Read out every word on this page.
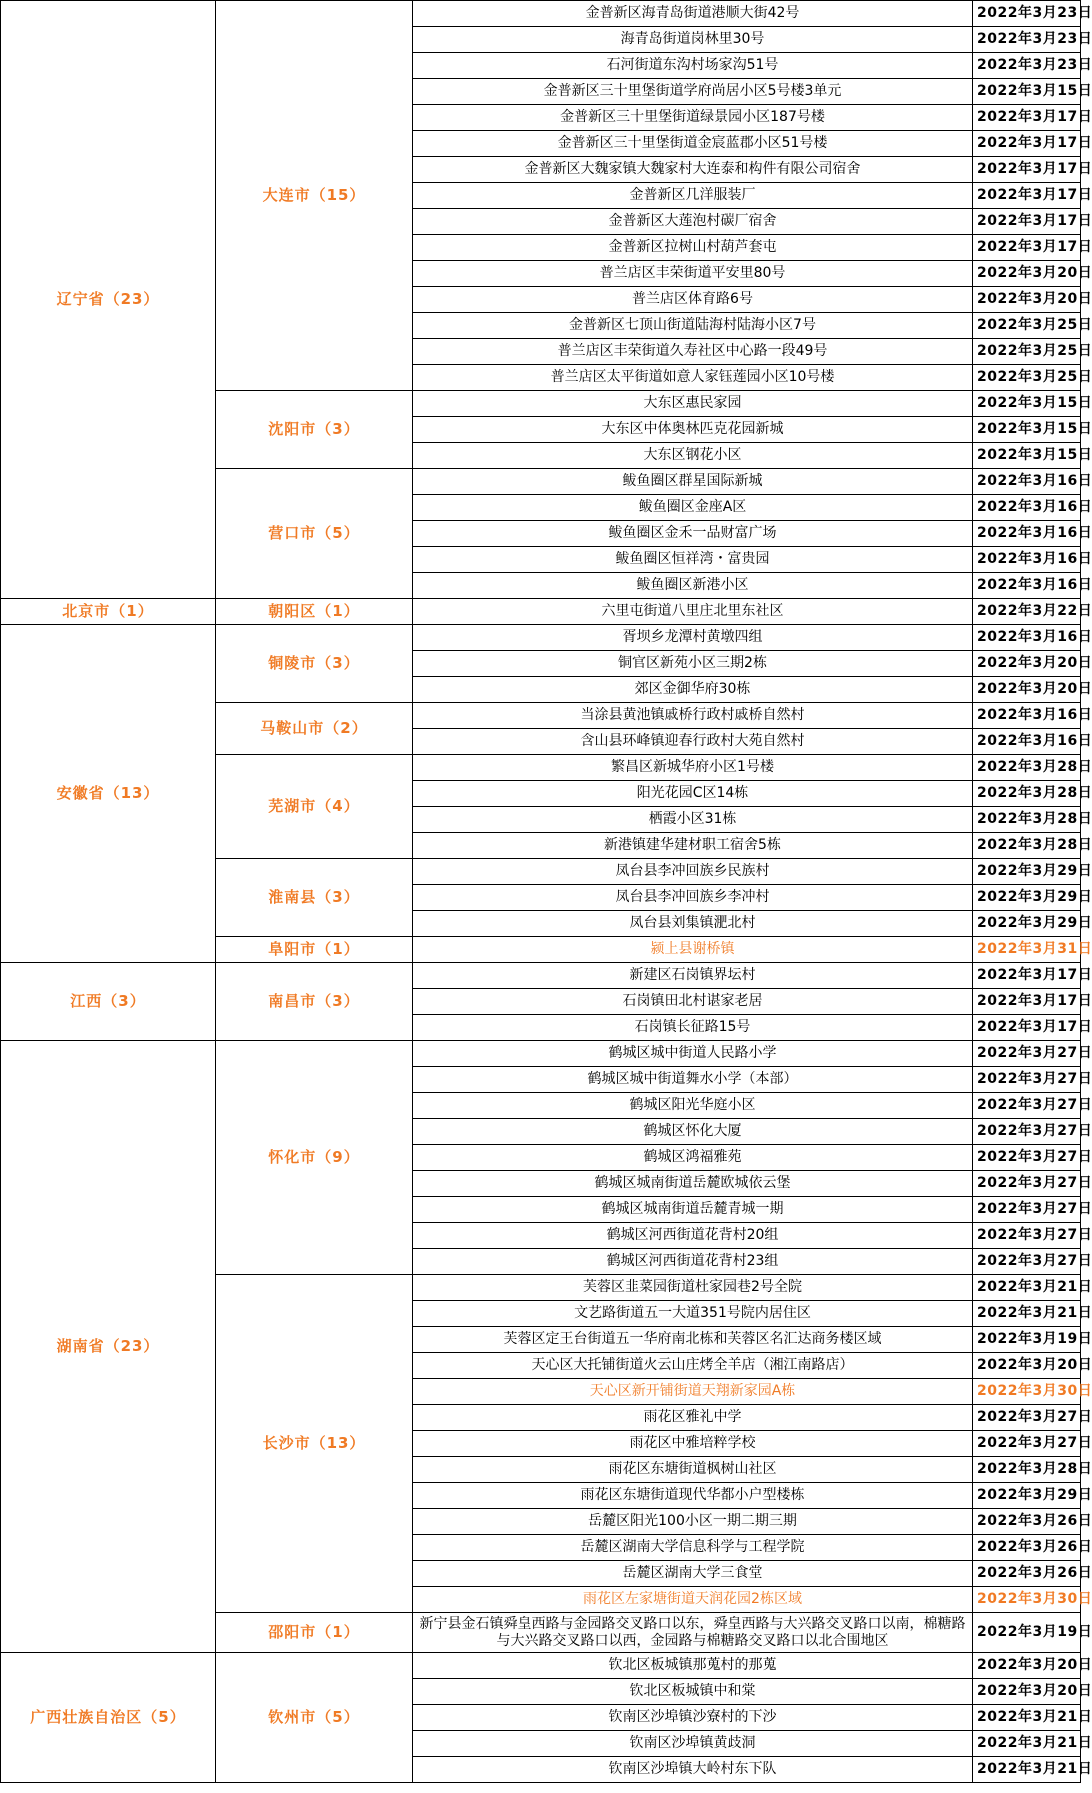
辽宁省（23）	大连市（15）	金普新区海青岛街道港顺大街42号	2022年3月23日
		海青岛街道岗林里30号	2022年3月23日
		石河街道东沟村场家沟51号	2022年3月23日
		金普新区三十里堡街道学府尚居小区5号楼3单元	2022年3月15日
		金普新区三十里堡街道绿景园小区187号楼	2022年3月17日
		金普新区三十里堡街道金宸蓝郡小区51号楼	2022年3月17日
		金普新区大魏家镇大魏家村大连泰和构件有限公司宿舍	2022年3月17日
		金普新区几洋服装厂	2022年3月17日
		金普新区大莲泡村碳厂宿舍	2022年3月17日
		金普新区拉树山村葫芦套屯	2022年3月17日
		普兰店区丰荣街道平安里80号	2022年3月20日
		普兰店区体育路6号	2022年3月20日
		金普新区七顶山街道陆海村陆海小区7号	2022年3月25日
		普兰店区丰荣街道久寿社区中心路一段49号	2022年3月25日
		普兰店区太平街道如意人家钰莲园小区10号楼	2022年3月25日
	沈阳市（3）	大东区惠民家园	2022年3月15日
		大东区中体奥林匹克花园新城	2022年3月15日
		大东区钢花小区	2022年3月15日
	营口市（5）	鲅鱼圈区群星国际新城	2022年3月16日
		鲅鱼圈区金座A区	2022年3月16日
		鲅鱼圈区金禾一品财富广场	2022年3月16日
		鲅鱼圈区恒祥湾・富贵园	2022年3月16日
		鲅鱼圈区新港小区	2022年3月16日
北京市（1）	朝阳区（1）	六里屯街道八里庄北里东社区	2022年3月22日
安徽省（13）	铜陵市（3）	胥坝乡龙潭村黄墩四组	2022年3月16日
		铜官区新苑小区三期2栋	2022年3月20日
		郊区金御华府30栋	2022年3月20日
	马鞍山市（2）	当涂县黄池镇戚桥行政村戚桥自然村	2022年3月16日
		含山县环峰镇迎春行政村大苑自然村	2022年3月16日
	芜湖市（4）	繁昌区新城华府小区1号楼	2022年3月28日
		阳光花园C区14栋	2022年3月28日
		栖霞小区31栋	2022年3月28日
		新港镇建华建材职工宿舍5栋	2022年3月28日
	淮南县（3）	凤台县李冲回族乡民族村	2022年3月29日
		凤台县李冲回族乡李冲村	2022年3月29日
		凤台县刘集镇淝北村	2022年3月29日
	阜阳市（1）	颍上县谢桥镇	2022年3月31日
江西（3）	南昌市（3）	新建区石岗镇界坛村	2022年3月17日
		石岗镇田北村谌家老居	2022年3月17日
		石岗镇长征路15号	2022年3月17日
湖南省（23）	怀化市（9）	鹤城区城中街道人民路小学	2022年3月27日
		鹤城区城中街道舞水小学（本部）	2022年3月27日
		鹤城区阳光华庭小区	2022年3月27日
		鹤城区怀化大厦	2022年3月27日
		鹤城区鸿福雅苑	2022年3月27日
		鹤城区城南街道岳麓欧城依云堡	2022年3月27日
		鹤城区城南街道岳麓青城一期	2022年3月27日
		鹤城区河西街道花背村20组	2022年3月27日
		鹤城区河西街道花背村23组	2022年3月27日
	长沙市（13）	芙蓉区韭菜园街道杜家园巷2号全院	2022年3月21日
		文艺路街道五一大道351号院内居住区	2022年3月21日
		芙蓉区定王台街道五一华府南北栋和芙蓉区名汇达商务楼区域	2022年3月19日
		天心区大托铺街道火云山庄烤全羊店（湘江南路店）	2022年3月20日
		天心区新开铺街道天翔新家园A栋	2022年3月30日
		雨花区雅礼中学	2022年3月27日
		雨花区中雅培粹学校	2022年3月27日
		雨花区东塘街道枫树山社区	2022年3月28日
		雨花区东塘街道现代华都小户型楼栋	2022年3月29日
		岳麓区阳光100小区一期二期三期	2022年3月26日
		岳麓区湖南大学信息科学与工程学院	2022年3月26日
		岳麓区湖南大学三食堂	2022年3月26日
		雨花区左家塘街道天润花园2栋区域	2022年3月30日
	邵阳市（1）	新宁县金石镇舜皇西路与金园路交叉路口以东，舜皇西路与大兴路交叉路口以南，棉糖路与大兴路交叉路口以西，金园路与棉糖路交叉路口以北合围地区	2022年3月19日
广西壮族自治区（5）	钦州市（5）	钦北区板城镇那蒐村的那蒐	2022年3月20日
		钦北区板城镇中和棠	2022年3月20日
		钦南区沙埠镇沙寮村的下沙	2022年3月21日
		钦南区沙埠镇黄歧洞	2022年3月21日
		钦南区沙埠镇大岭村东下队	2022年3月21日
